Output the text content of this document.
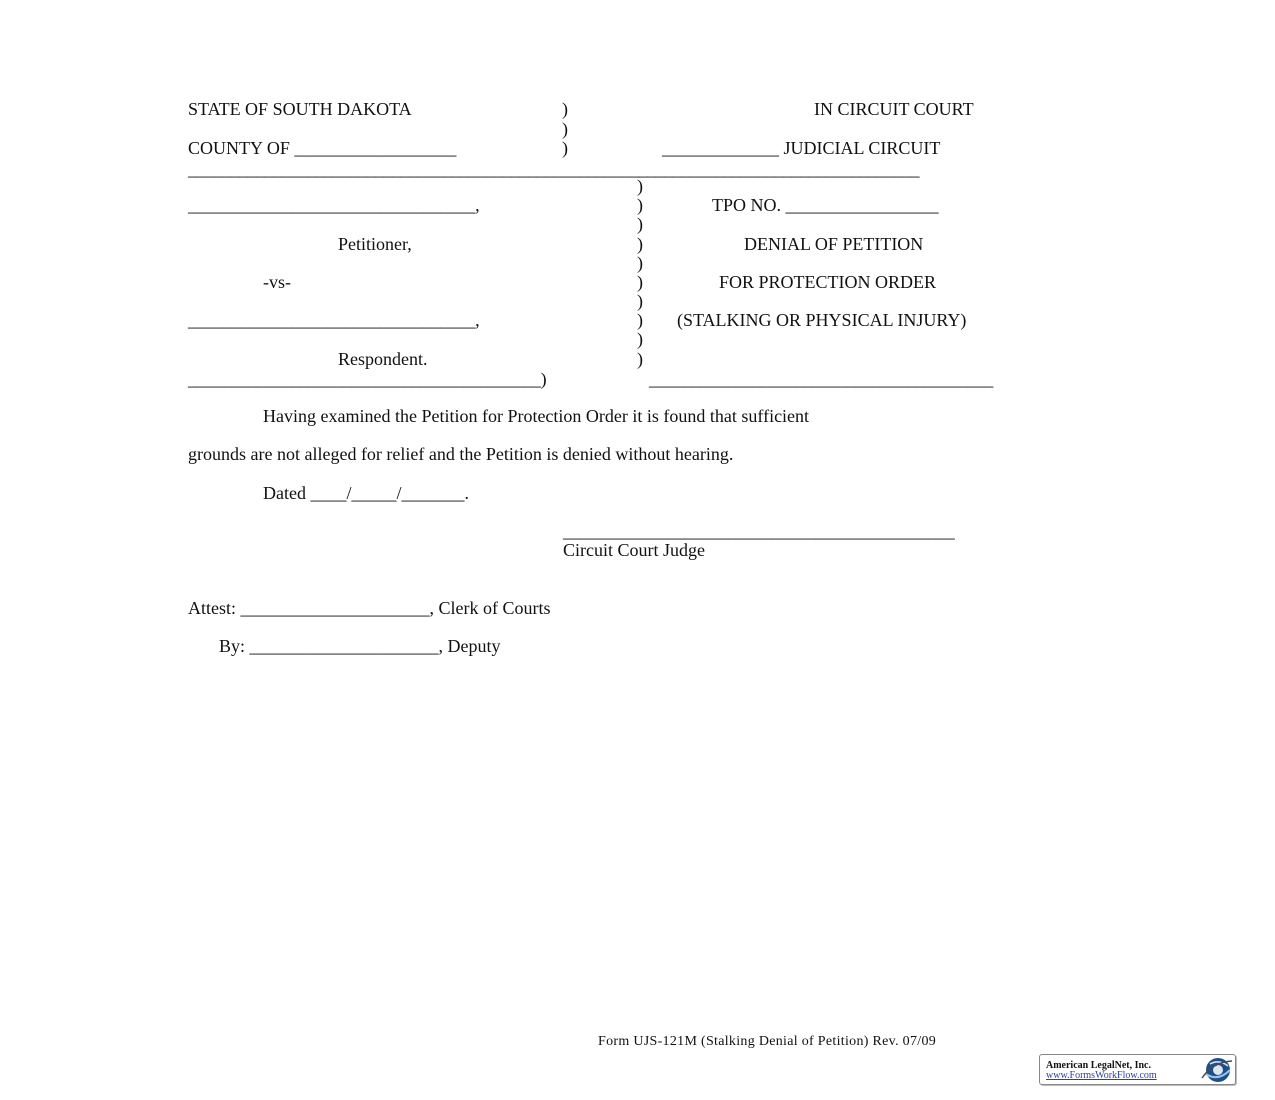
STATE OF SOUTH DAKOTA	)	IN CIRCUIT COURT
)
COUNTY OF __________________	)	_____________ JUDICIAL CIRCUIT
______________________________________________________________________________________
)
)
)
)
)
)
)
)
)
)
_________________________________,
Petitioner,
-vs-
_________________________________,
Respondent.
TPO NO. _________________
DENIAL OF PETITION
FOR PROTECTION ORDER
(STALKING OR PHYSICAL INJURY)
_________________________________________)	________________________________________
Having examined the Petition for Protection Order it is found that sufficient
grounds are not alleged for relief and the Petition is denied without hearing.
Dated ____/_____/_______.
_____________________________________________
Circuit Court Judge
Attest: _____________________, Clerk of Courts
By: _____________________, Deputy
Form UJS-121M (Stalking Denial of Petition) Rev. 07/09
American LegalNet, Inc.
www.FormsWorkFlow.com
